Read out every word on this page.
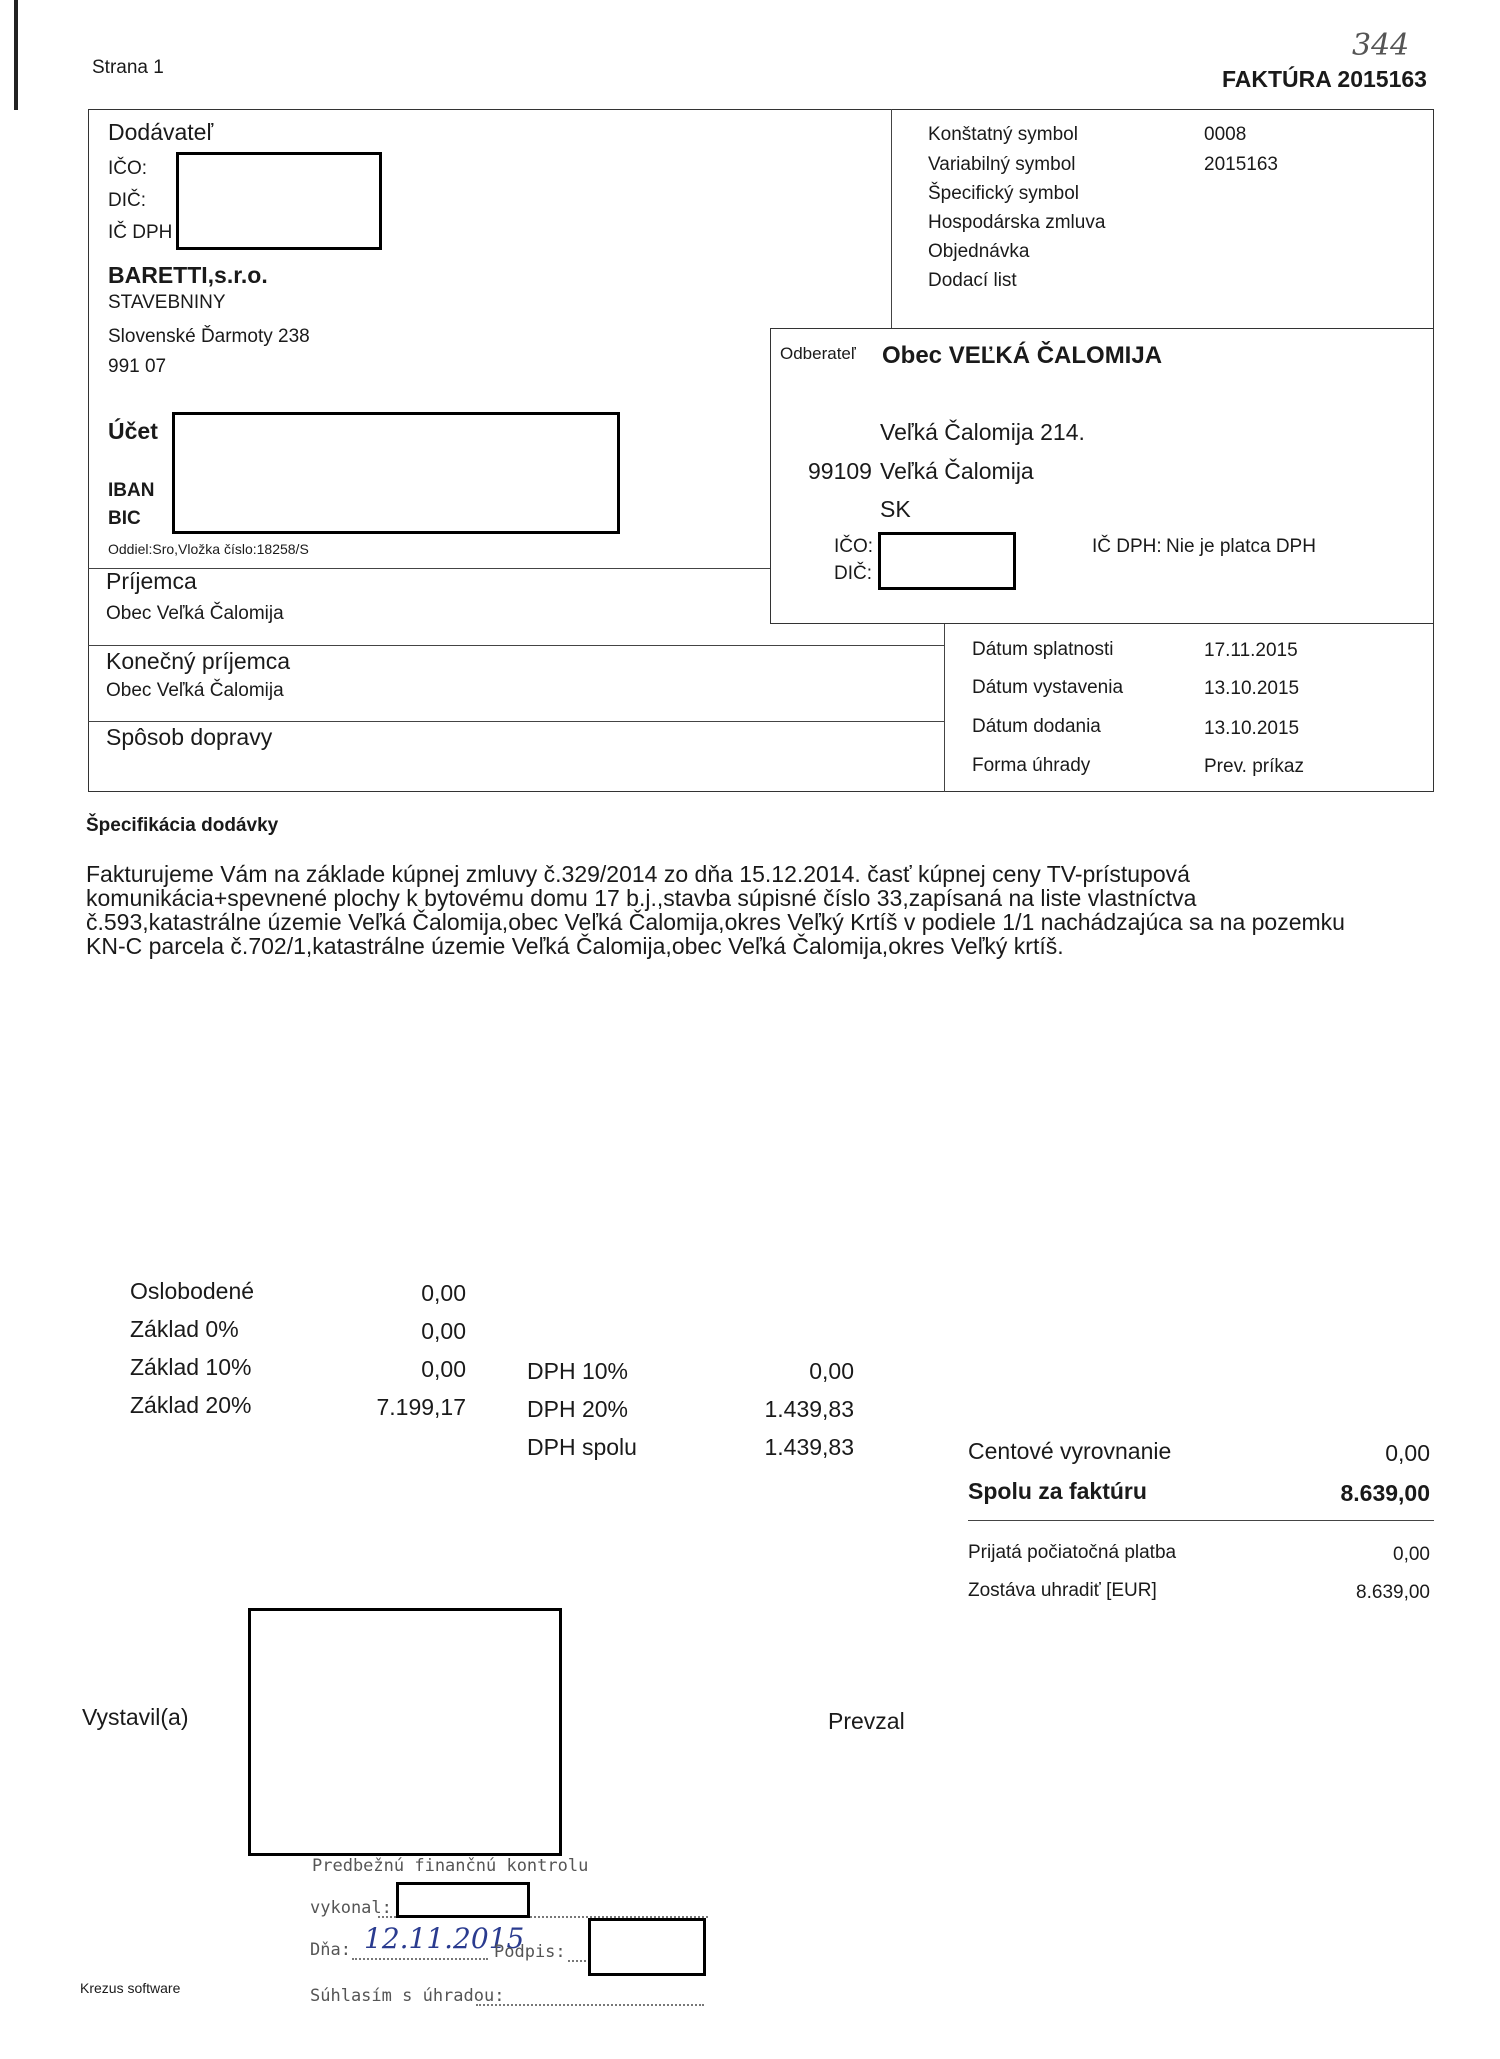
Strana 1
344
FAKTÚRA 2015163
Dodávateľ
IČO:
DIČ:
IČ DPH
BARETTI,s.r.o.
STAVEBNINY
Slovenské Ďarmoty 238
991 07
Konštatný symbol	0008
Variabilný symbol	2015163
Špecifický symbol
Hospodárska zmluva
Objednávka
Dodací list
Účet
IBAN
BIC
Oddiel:Sro,Vložka číslo:18258/S
Odberateľ Obec VEĽKÁ ČALOMIJA
Veľká Čalomija 214.
99109 Veľká Čalomija
SK
IČO:
DIČ:
IČ DPH: Nie je platca DPH
Príjemca
Obec Veľká Čalomija
Konečný príjemca
Obec Veľká Čalomija
Spôsob dopravy
Dátum splatnosti	17.11.2015
Dátum vystavenia	13.10.2015
Dátum dodania	13.10.2015
Forma úhrady	Prev. príkaz
Špecifikácia dodávky
Fakturujeme Vám na základe kúpnej zmluvy č.329/2014 zo dňa 15.12.2014. časť kúpnej ceny TV-prístupová
komunikácia+spevnené plochy k bytovému domu 17 b.j.,stavba súpisné číslo 33,zapísaná na liste vlastníctva
č.593,katastrálne územie Veľká Čalomija,obec Veľká Čalomija,okres Veľký Krtíš v podiele 1/1 nachádzajúca sa na pozemku
KN-C parcela č.702/1,katastrálne územie Veľká Čalomija,obec Veľká Čalomija,okres Veľký krtíš.
Oslobodené	0,00
Základ 0%	0,00
Základ 10%	0,00
Základ 20%	7.199,17
DPH 10%	0,00
DPH 20%	1.439,83
DPH spolu	1.439,83	Centové vyrovnanie	0,00
Spolu za faktúru	8.639,00
Prijatá počiatočná platba	0,00
Zostáva uhradiť [EUR]	8.639,00
Vystavil(a)	Prevzal
Predbežnú finančnú kontrolu
vykonal:
Dňa: 12.11.2015
Podpis:
Súhlasím s úhradou:
Krezus software
